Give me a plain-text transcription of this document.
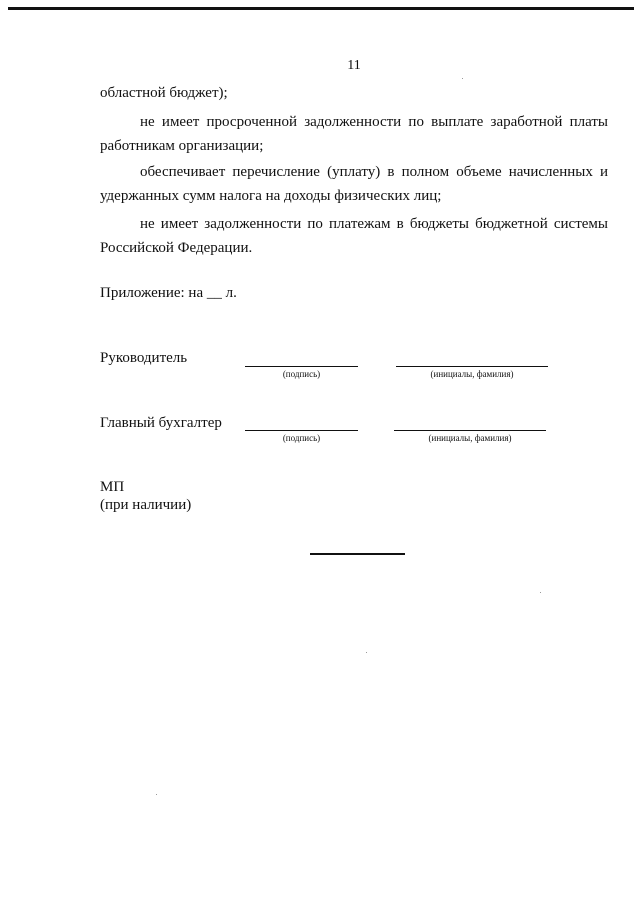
11
областной бюджет);
не имеет просроченной задолженности по выплате заработной платы
работникам организации;
обеспечивает перечисление (уплату) в полном объеме начисленных и
удержанных сумм налога на доходы физических лиц;
не имеет задолженности по платежам в бюджеты бюджетной системы
Российской Федерации.
Приложение: на __ л.
Руководитель
(подпись)	(инициалы, фамилия)
Главный бухгалтер
(подпись)	(инициалы, фамилия)
МП
(при наличии)
